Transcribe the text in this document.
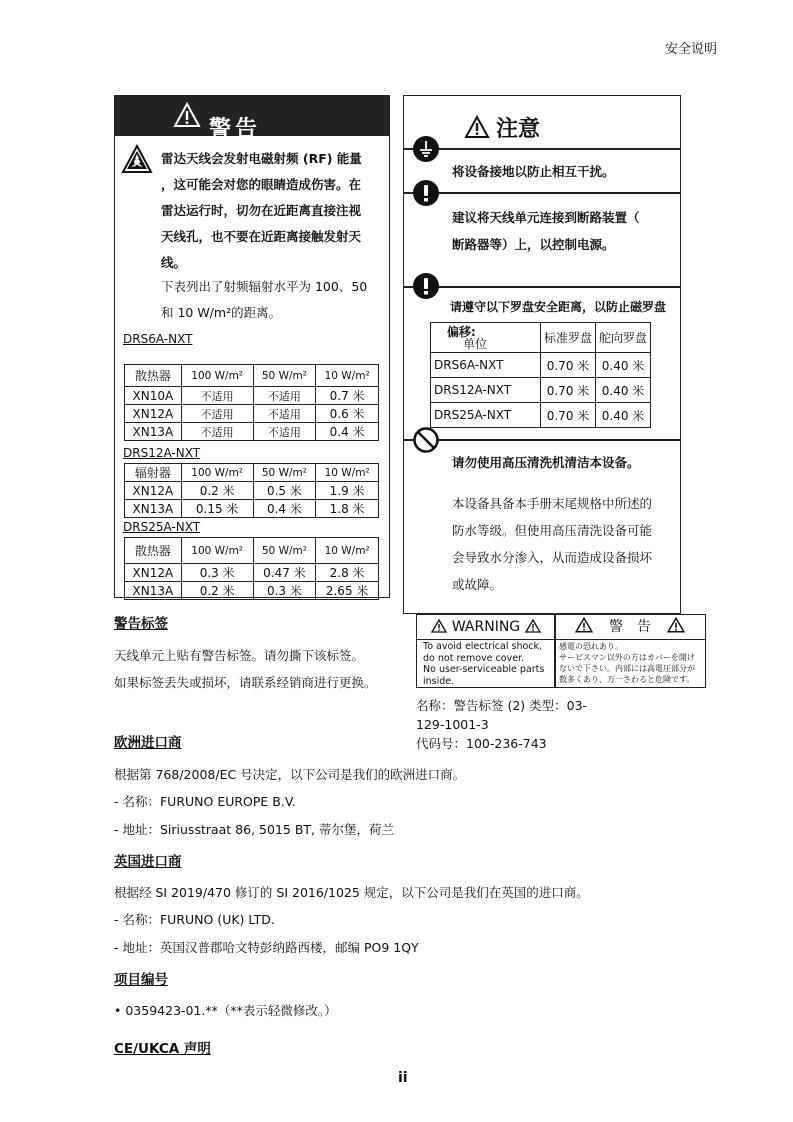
安全说明
警告
雷达天线会发射电磁射频 (RF) 能量
，这可能会对您的眼睛造成伤害。在
雷达运行时，切勿在近距离直接注视
天线孔，也不要在近距离接触发射天
线。
下表列出了射频辐射水平为 100、50
和 10 W/m²的距离。
DRS6A-NXT
散热器	100 W/m²	50 W/m²	10 W/m²
XN10A	不适用	不适用	0.7 米
XN12A	不适用	不适用	0.6 米
XN13A	不适用	不适用	0.4 米
DRS12A-NXT
辐射器	100 W/m²	50 W/m²	10 W/m²
XN12A	0.2 米	0.5 米	1.9 米
XN13A	0.15 米	0.4 米	1.8 米
DRS25A-NXT
散热器	100 W/m²	50 W/m²	10 W/m²
XN12A	0.3 米	0.47 米	2.8 米
XN13A	0.2 米	0.3 米	2.65 米
注意
将设备接地以防止相互干扰。
建议将天线单元连接到断路装置（
断路器等）上，以控制电源。
请遵守以下罗盘安全距离，以防止磁罗盘
偏移:
单位	标准罗盘	舵向罗盘
DRS6A-NXT	0.70 米	0.40 米
DRS12A-NXT	0.70 米	0.40 米
DRS25A-NXT	0.70 米	0.40 米
请勿使用高压清洗机清洁本设备。
本设备具备本手册末尾规格中所述的
防水等级。但使用高压清洗设备可能
会导致水分渗入，从而造成设备损坏
或故障。
警告标签
天线单元上贴有警告标签。请勿撕下该标签。
如果标签丢失或损坏，请联系经销商进行更换。
WARNING
To avoid electrical shock,
do not remove cover.
No user-serviceable parts
inside.
警　告
感電の恐れあり。
サービスマン以外の方はカバーを開け
ないで下さい。内部には高電圧部分が
数多くあり、万一さわると危険です。
名称：警告标签 (2) 类型：03-
129-1001-3
代码号：100-236-743
欧洲进口商
根据第 768/2008/EC 号决定，以下公司是我们的欧洲进口商。
- 名称：FURUNO EUROPE B.V.
- 地址：Siriusstraat 86, 5015 BT, 蒂尔堡，荷兰
英国进口商
根据经 SI 2019/470 修订的 SI 2016/1025 规定，以下公司是我们在英国的进口商。
- 名称：FURUNO (UK) LTD.
- 地址：英国汉普郡哈文特彭纳路西楼，邮编 PO9 1QY
项目编号
• 0359423-01.**（**表示轻微修改。）
CE/UKCA 声明
ii
